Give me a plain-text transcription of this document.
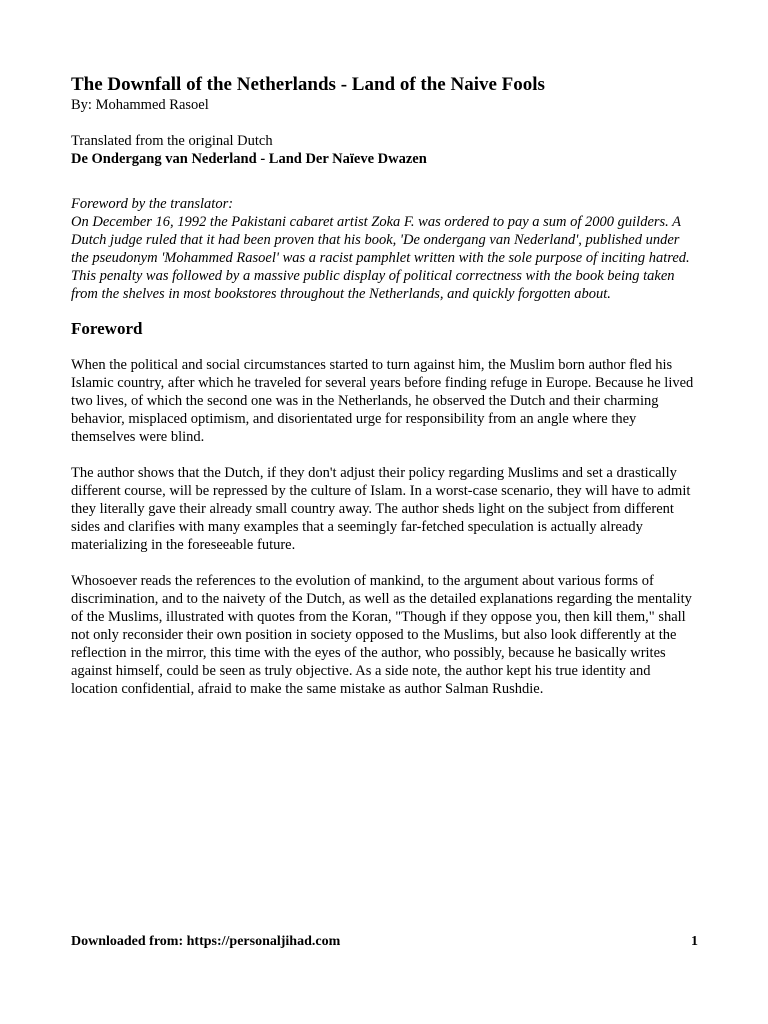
The Downfall of the Netherlands - Land of the Naive Fools

By: Mohammed Rasoel

Translated from the original Dutch

De Ondergang van Nederland - Land Der Naïeve Dwazen

Foreword by the translator:

On December 16, 1992 the Pakistani cabaret artist Zoka F. was ordered to pay a sum of 2000 guilders. A Dutch judge ruled that it had been proven that his book, 'De ondergang van Nederland', published under the pseudonym 'Mohammed Rasoel' was a racist pamphlet written with the sole purpose of inciting hatred. This penalty was followed by a massive public display of political correctness with the book being taken from the shelves in most bookstores throughout the Netherlands, and quickly forgotten about.

Foreword

When the political and social circumstances started to turn against him, the Muslim born author fled his Islamic country, after which he traveled for several years before finding refuge in Europe. Because he lived two lives, of which the second one was in the Netherlands, he observed the Dutch and their charming behavior, misplaced optimism, and disorientated urge for responsibility from an angle where they themselves were blind.

The author shows that the Dutch, if they don't adjust their policy regarding Muslims and set a drastically different course, will be repressed by the culture of Islam. In a worst-case scenario, they will have to admit they literally gave their already small country away. The author sheds light on the subject from different sides and clarifies with many examples that a seemingly far-fetched speculation is actually already materializing in the foreseeable future.

Whosoever reads the references to the evolution of mankind, to the argument about various forms of discrimination, and to the naivety of the Dutch, as well as the detailed explanations regarding the mentality of the Muslims, illustrated with quotes from the Koran, "Though if they oppose you, then kill them," shall not only reconsider their own position in society opposed to the Muslims, but also look differently at the reflection in the mirror, this time with the eyes of the author, who possibly, because he basically writes against himself, could be seen as truly objective. As a side note, the author kept his true identity and location confidential, afraid to make the same mistake as author Salman Rushdie.

Downloaded from: https://personaljihad.com	1
